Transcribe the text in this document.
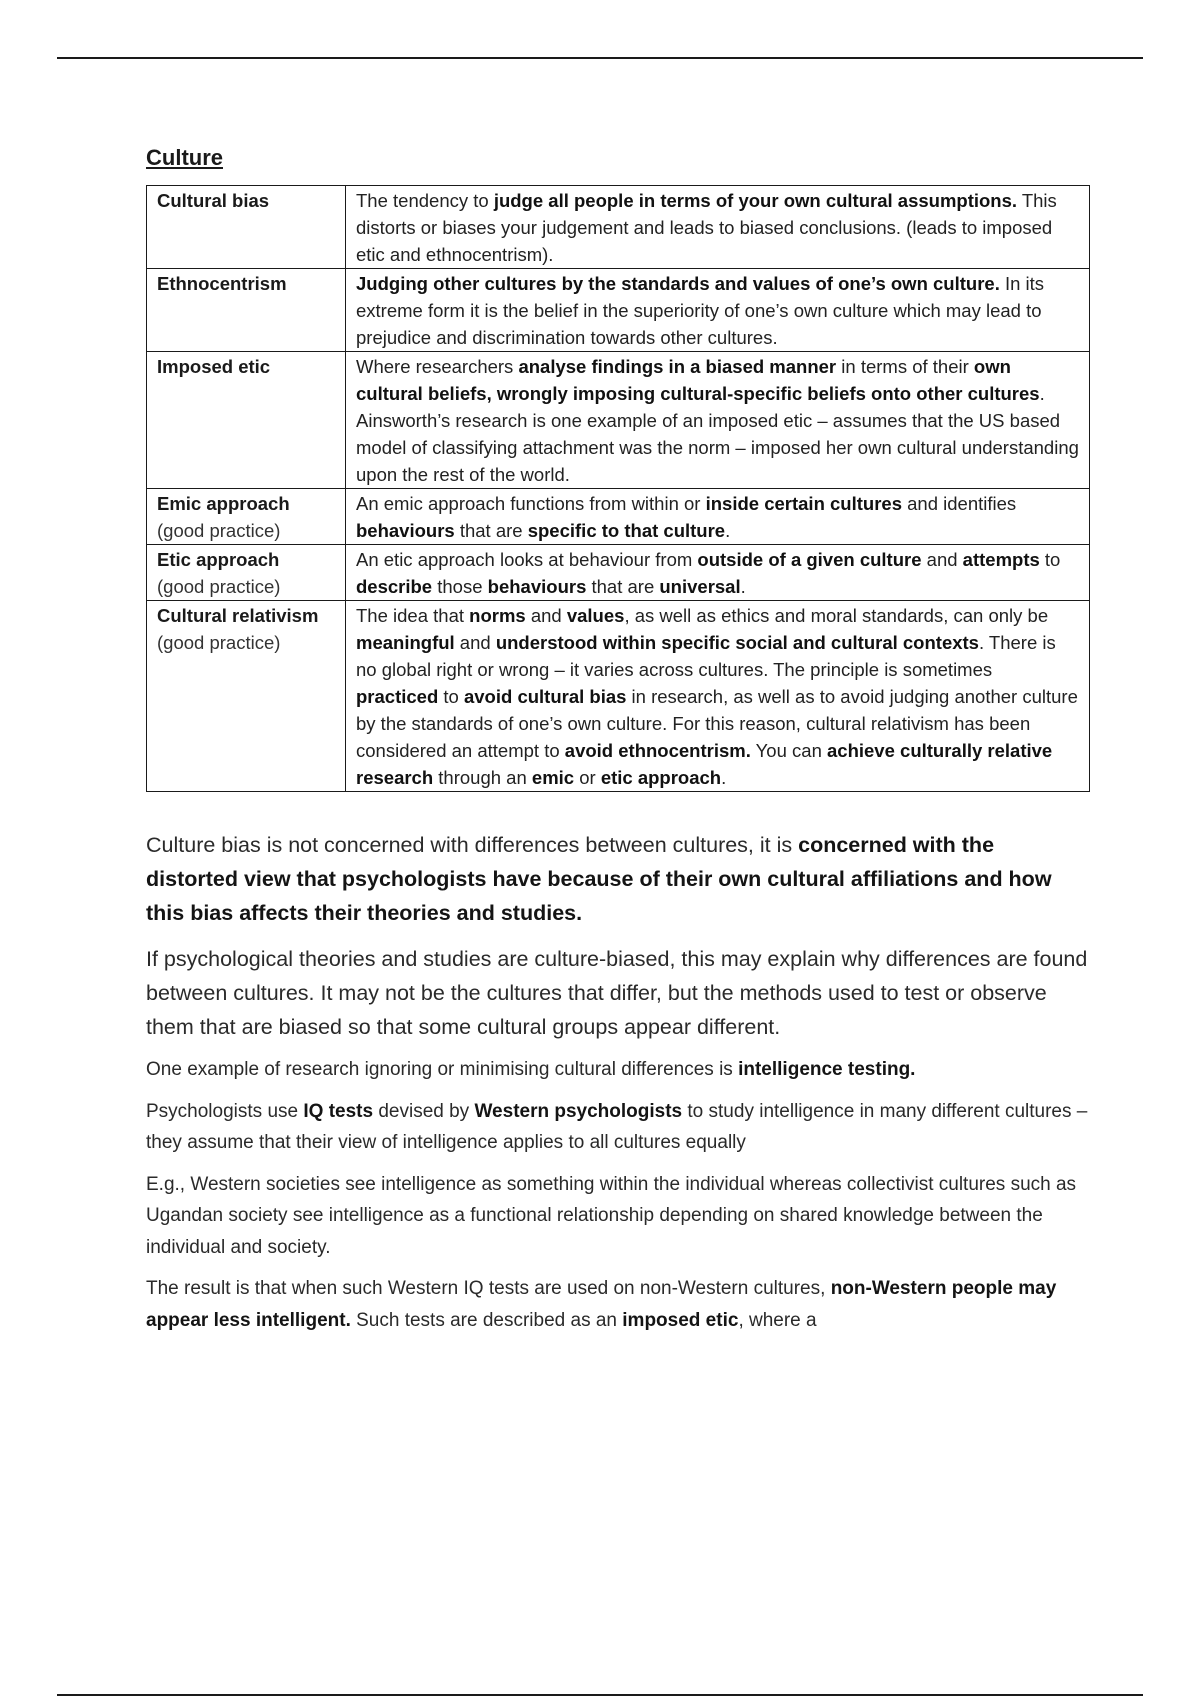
Culture
Cultural bias	The tendency to judge all people in terms of your own cultural assumptions. This distorts or biases your judgement and leads to biased conclusions. (leads to imposed etic and ethnocentrism).

Ethnocentrism	Judging other cultures by the standards and values of one’s own culture. In its extreme form it is the belief in the superiority of one’s own culture which may lead to prejudice and discrimination towards other cultures.

Imposed etic	Where researchers analyse findings in a biased manner in terms of their own cultural beliefs, wrongly imposing cultural-specific beliefs onto other cultures. Ainsworth’s research is one example of an imposed etic – assumes that the US based model of classifying attachment was the norm – imposed her own cultural understanding upon the rest of the world.

Emic approach
(good practice)	An emic approach functions from within or inside certain cultures and identifies behaviours that are specific to that culture.

Etic approach
(good practice)	An etic approach looks at behaviour from outside of a given culture and attempts to describe those behaviours that are universal.

Cultural relativism
(good practice)	The idea that norms and values, as well as ethics and moral standards, can only be meaningful and understood within specific social and cultural contexts. There is no global right or wrong – it varies across cultures. The principle is sometimes practiced to avoid cultural bias in research, as well as to avoid judging another culture by the standards of one’s own culture. For this reason, cultural relativism has been considered an attempt to avoid ethnocentrism. You can achieve culturally relative research through an emic or etic approach.

Culture bias is not concerned with differences between cultures, it is concerned with the distorted view that psychologists have because of their own cultural affiliations and how this bias affects their theories and studies.

If psychological theories and studies are culture-biased, this may explain why differences are found between cultures. It may not be the cultures that differ, but the methods used to test or observe them that are biased so that some cultural groups appear different.

One example of research ignoring or minimising cultural differences is intelligence testing.

Psychologists use IQ tests devised by Western psychologists to study intelligence in many different cultures – they assume that their view of intelligence applies to all cultures equally

E.g., Western societies see intelligence as something within the individual whereas collectivist cultures such as Ugandan society see intelligence as a functional relationship depending on shared knowledge between the individual and society.

The result is that when such Western IQ tests are used on non-Western cultures, non-Western people may appear less intelligent. Such tests are described as an imposed etic, where a
